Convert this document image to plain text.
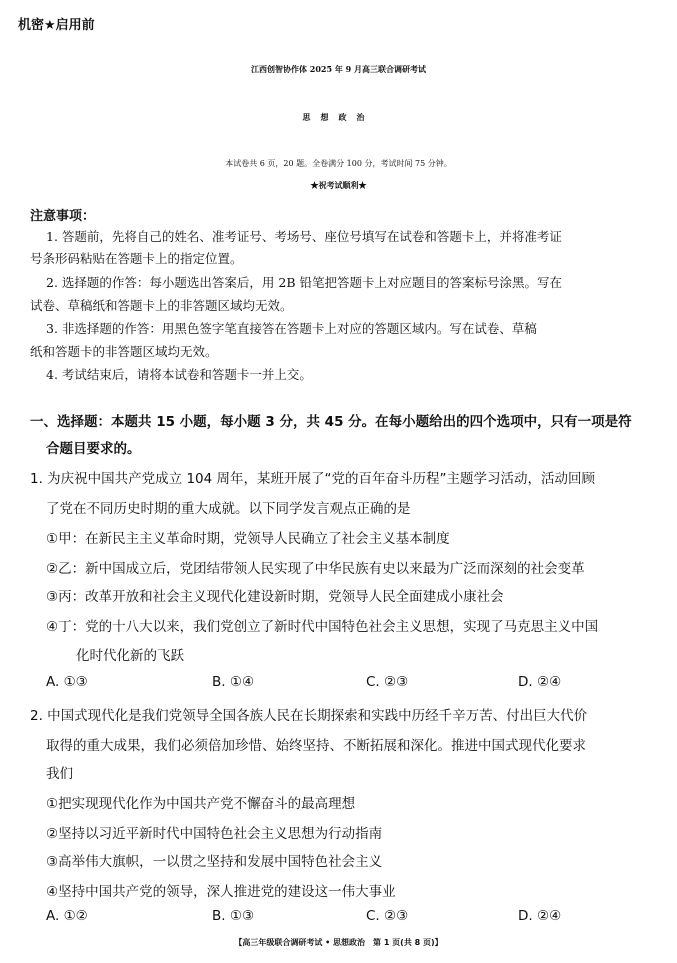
机密★启用前
江西创智协作体 2025 年 9 月高三联合调研考试
思想政治
本试卷共 6 页，20 题。全卷满分 100 分，考试时间 75 分钟。
★祝考试顺利★
注意事项：
1. 答题前，先将自己的姓名、准考证号、考场号、座位号填写在试卷和答题卡上，并将准考证
号条形码粘贴在答题卡上的指定位置。
2. 选择题的作答：每小题选出答案后，用 2B 铅笔把答题卡上对应题目的答案标号涂黑。写在
试卷、草稿纸和答题卡上的非答题区域均无效。
3. 非选择题的作答：用黑色签字笔直接答在答题卡上对应的答题区域内。写在试卷、草稿
纸和答题卡的非答题区域均无效。
4. 考试结束后，请将本试卷和答题卡一并上交。
一、选择题：本题共 15 小题，每小题 3 分，共 45 分。在每小题给出的四个选项中，只有一项是符
合题目要求的。
1. 为庆祝中国共产党成立 104 周年，某班开展了“党的百年奋斗历程”主题学习活动，活动回顾
了党在不同历史时期的重大成就。以下同学发言观点正确的是
①甲：在新民主主义革命时期，党领导人民确立了社会主义基本制度
②乙：新中国成立后，党团结带领人民实现了中华民族有史以来最为广泛而深刻的社会变革
③丙：改革开放和社会主义现代化建设新时期，党领导人民全面建成小康社会
④丁：党的十八大以来，我们党创立了新时代中国特色社会主义思想，实现了马克思主义中国
化时代化新的飞跃
A. ①③	B. ①④	C. ②③	D. ②④
2. 中国式现代化是我们党领导全国各族人民在长期探索和实践中历经千辛万苦、付出巨大代价
取得的重大成果，我们必须倍加珍惜、始终坚持、不断拓展和深化。推进中国式现代化要求
我们
①把实现现代化作为中国共产党不懈奋斗的最高理想
②坚持以习近平新时代中国特色社会主义思想为行动指南
③高举伟大旗帜，一以贯之坚持和发展中国特色社会主义
④坚持中国共产党的领导，深人推进党的建设这一伟大事业
A. ①②	B. ①③	C. ②③	D. ②④
【高三年级联合调研考试 • 思想政治　第 1 页(共 8 页)】
